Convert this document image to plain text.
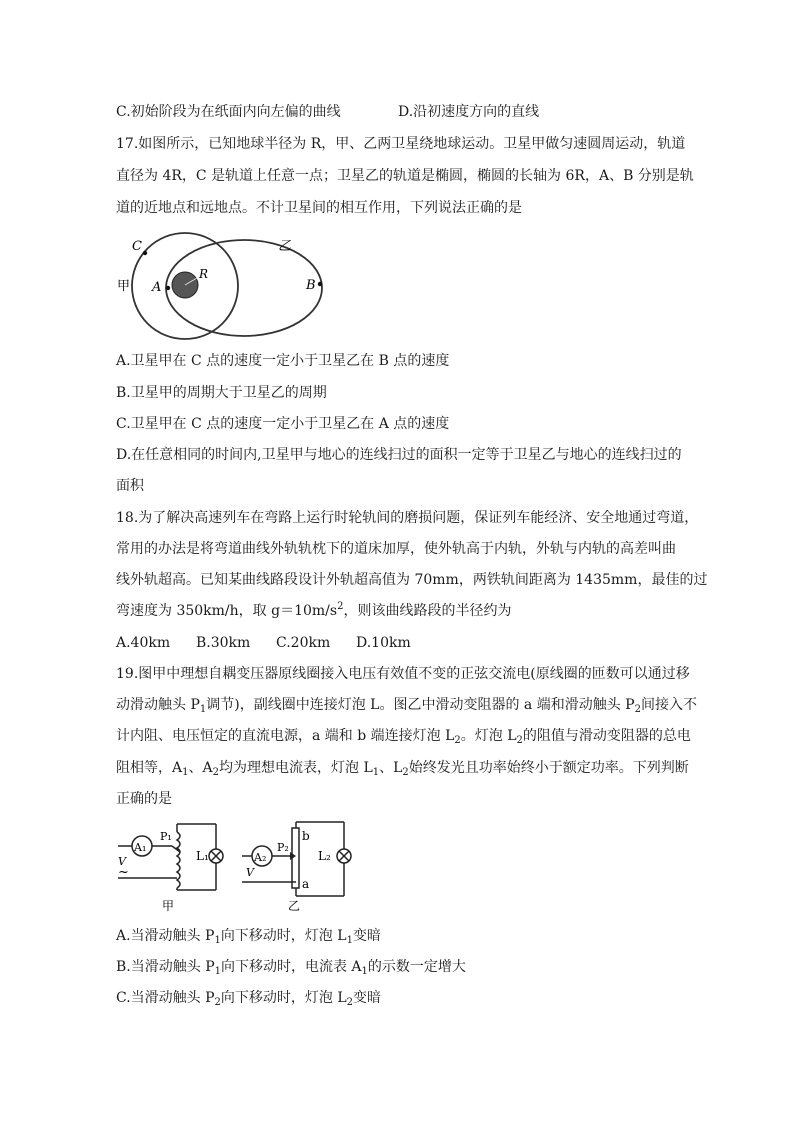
C.初始阶段为在纸面内向左偏的曲线	D.沿初速度方向的直线
17.如图所示，已知地球半径为 R，甲、乙两卫星绕地球运动。卫星甲做匀速圆周运动，轨道
直径为 4R，C 是轨道上任意一点；卫星乙的轨道是椭圆，椭圆的长轴为 6R，A、B 分别是轨
道的近地点和远地点。不计卫星间的相互作用，下列说法正确的是
C
甲 A
R
乙
B
A.卫星甲在 C 点的速度一定小于卫星乙在 B 点的速度
B.卫星甲的周期大于卫星乙的周期
C.卫星甲在 C 点的速度一定小于卫星乙在 A 点的速度
D.在任意相同的时间内,卫星甲与地心的连线扫过的面积一定等于卫星乙与地心的连线扫过的
面积
18.为了解决高速列车在弯路上运行时轮轨间的磨损问题，保证列车能经济、安全地通过弯道，
常用的办法是将弯道曲线外轨轨枕下的道床加厚，使外轨高于内轨，外轨与内轨的高差叫曲
线外轨超高。已知某曲线路段设计外轨超高值为 70mm，两铁轨间距离为 1435mm，最佳的过
弯速度为 350km/h，取 $g=10m/s^2$，则该曲线路段的半径约为
A.40km B.30km C.20km D.10km
19.图甲中理想自耦变压器原线圈接入电压有效值不变的正弦交流电(原线圈的匝数可以通过移
动滑动触头 $P_1$调节)，副线圈中连接灯泡 L。图乙中滑动变阻器的 a 端和滑动触头 $P_2$间接入不
计内阻、电压恒定的直流电源，a 端和 b 端连接灯泡 $L_2$。灯泡 $L_2$的阻值与滑动变阻器的总电
阻相等，$A_1$、$A_2$均为理想电流表，灯泡 $L_1$、$L_2$始终发光且功率始终小于额定功率。下列判断
正确的是
A₁
P₁
L₁
V
~
甲
A₂
P₂
b
a
L₂
V
乙
A.当滑动触头 $P_1$向下移动时，灯泡 $L_1$变暗
B.当滑动触头 $P_1$向下移动时，电流表 $A_1$的示数一定增大
C.当滑动触头 $P_2$向下移动时，灯泡 $L_2$变暗
